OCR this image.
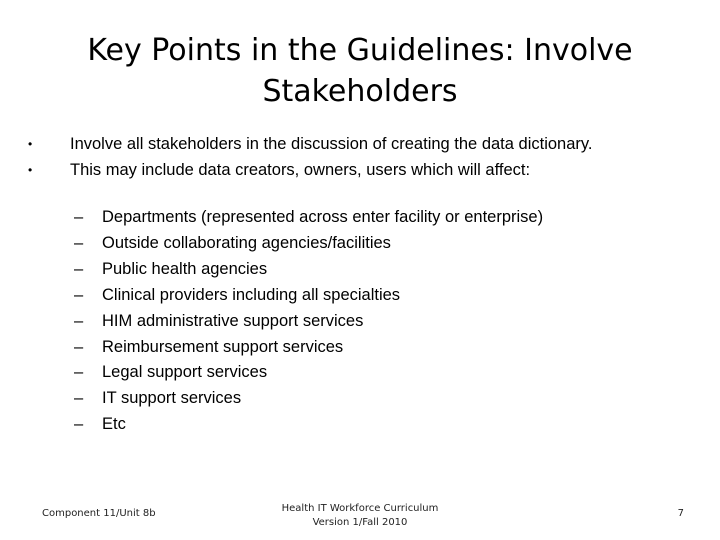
Key Points in the Guidelines: Involve
Stakeholders
•	Involve all stakeholders in the discussion of creating the data dictionary.
•	This may include data creators, owners, users which will affect:
– Departments (represented across enter facility or enterprise)
– Outside collaborating agencies/facilities
– Public health agencies
– Clinical providers including all specialties
– HIM administrative support services
– Reimbursement support services
– Legal support services
– IT support services
– Etc
Component 11/Unit 8b	Health IT Workforce Curriculum
Version 1/Fall 2010
7
